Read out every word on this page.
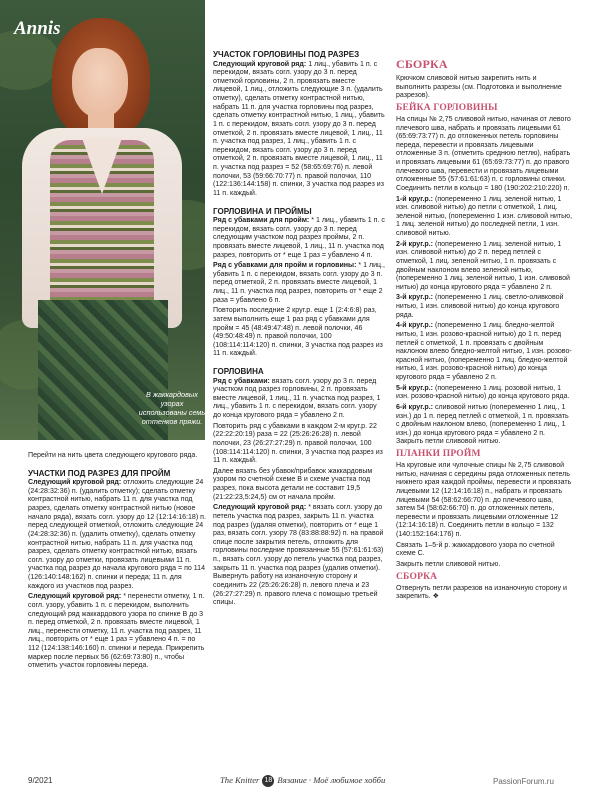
Annis
В жаккардовых узорах использованы семь оттенков пряжи.

Перейти на нить цвета следующего кругового ряда.

УЧАСТКИ ПОД РАЗРЕЗ ДЛЯ ПРОЙМ

Следующий круговой ряд: отложить следующие 24 (24:28:32:36) п. (удалить отметку); сделать отметку контрастной нитью, набрать 11 п. для участка под разрез, сделать отметку контрастной нитью (новое начало ряда), вязать согл. узору до 12 (12:14:16:18) п. перед следующей отметкой, отложить следующие 24 (24:28:32:36) п. (удалить отметку), сделать отметку контрастной нитью, набрать 11 п. для участка под разрез, сделать отметку контрастной нитью, вязать согл. узору до отметки, провязать лицевыми 11 п. участка под разрез до начала кругового ряда = по 114 (126:140:148:162) п. спинки и переда; 11 п. для каждого из участков под разрез.

Следующий круговой ряд: * перенести отметку, 1 п. согл. узору, убавить 1 п. с перекидом, выполнить следующий ряд жаккардового узора по спинке В до 3 п. перед отметкой, 2 п. провязать вместе лицевой, 1 лиц., перенести отметку, 11 п. участка под разрез, 11 лиц., повторить от * еще 1 раз = убавлено 4 п. = по 112 (124:138:146:160) п. спинки и переда. Прикрепить маркер после первых 56 (62:69:73:80) п., чтобы отметить участок горловины переда.

УЧАСТОК ГОРЛОВИНЫ ПОД РАЗРЕЗ

Следующий круговой ряд: 1 лиц., убавить 1 п. с перекидом, вязать согл. узору до 3 п. перед отметкой горловины, 2 п. провязать вместе лицевой, 1 лиц., отложить следующие 3 п. (удалить отметку), сделать отметку контрастной нитью, набрать 11 п. для участка горловины под разрез, сделать отметку контрастной нитью, 1 лиц., убавить 1 п. с перекидом, вязать согл. узору до 3 п. перед отметкой, 2 п. провязать вместе лицевой, 1 лиц., 11 п. участка под разрез, 1 лиц., убавить 1 п. с перекидом, вязать согл. узору до 3 п. перед отметкой, 2 п. провязать вместе лицевой, 1 лиц., 11 п. участка под разрез = 52 (58:65:69:76) п. левой полочки, 53 (59:66:70:77) п. правой полочки, 110 (122:136:144:158) п. спинки, 3 участка под разрез из 11 п. каждый.

ГОРЛОВИНА И ПРОЙМЫ

Ряд с убавками для пройм: * 1 лиц., убавить 1 п. с перекидом, вязать согл. узору до 3 п. перед следующим участком под разрез проймы, 2 п. провязать вместе лицевой, 1 лиц., 11 п. участка под разрез, повторить от * еще 1 раз = убавлено 4 п.

Ряд с убавками для пройм и горловины: * 1 лиц., убавить 1 п. с перекидом, вязать согл. узору до 3 п. перед отметкой, 2 п. провязать вместе лицевой, 1 лиц., 11 п. участка под разрез, повторить от * еще 2 раза = убавлено 6 п.

Повторить последние 2 круг.р. еще 1 (2:4:6:8) раз, затем выполнить еще 1 раз ряд с убавками для пройм = 45 (48:49:47:48) п. левой полочки, 46 (49:50:48:49) п. правой полочки, 100 (108:114:114:120) п. спинки, 3 участка под разрез из 11 п. каждый.

ГОРЛОВИНА

Ряд с убавками: вязать согл. узору до 3 п. перед участком под разрез горловины, 2 п. провязать вместе лицевой, 1 лиц., 11 п. участка под разрез, 1 лиц., убавить 1 п. с перекидом, вязать согл. узору до конца кругового ряда = убавлено 2 п.

Повторить ряд с убавками в каждом 2-м круг.р. 22 (22:22:20:19) раза = 22 (25:26:26:28) п. левой полочки, 23 (26:27:27:29) п. правой полочки, 100 (108:114:114:120) п. спинки, 3 участка под разрез из 11 п. каждый.

Далее вязать без убавок/прибавок жаккардовым узором по счетной схеме В и схеме участка под разрез, пока высота детали не составит 19,5 (21:22:23,5:24,5) см от начала пройм.

Следующий круговой ряд: * вязать согл. узору до петель участка под разрез, закрыть 11 п. участка под разрез (удаляя отметки), повторить от * еще 1 раз, вязать согл. узору 78 (83:88:88:92) п. на правой спице после закрытия петель, отложить для горловины последние провязанные 55 (57:61:61:63) п., вязать согл. узору до петель участка под разрез, закрыть 11 п. участка под разрез (удалив отметки). Вывернуть работу на изнаночную сторону и соединить 22 (25:26:26:28) п. левого плеча и 23 (26:27:27:29) п. правого плеча с помощью третьей спицы.

СБОРКА

Крючком сливовой нитью закрепить нить и выполнить разрезы (см. Подготовка и выполнение разрезов).

БЕЙКА ГОРЛОВИНЫ

На спицы № 2,75 сливовой нитью, начиная от левого плечевого шва, набрать и провязать лицевыми 61 (65:69:73:77) п. до отложенных петель горловины переда, перевести и провязать лицевыми отложенные 3 п. (отметить среднюю петлю), набрать и провязать лицевыми 61 (65:69:73:77) п. до правого плечевого шва, перевести и провязать лицевыми отложенные 55 (57:61:61:63) п. с горловины спинки. Соединить петли в кольцо = 180 (190:202:210:220) п.

1-й круг.р.: (попеременно 1 лиц. зеленой нитью, 1 изн. сливовой нитью) до петли с отметкой, 1 лиц. зеленой нитью, (попеременно 1 изн. сливовой нитью, 1 лиц. зеленой нитью) до последней петли, 1 изн. сливовой нитью.

2-й круг.р.: (попеременно 1 лиц. зеленой нитью, 1 изн. сливовой нитью) до 2 п. перед петлей с отметкой, 1 лиц. зеленой нитью, 1 п. провязать с двойным наклоном влево зеленой нитью, (попеременно 1 лиц. зеленой нитью, 1 изн. сливовой нитью) до конца кругового ряда = убавлено 2 п.

3-й круг.р.: (попеременно 1 лиц. светло-оливковой нитью, 1 изн. сливовой нитью) до конца кругового ряда.

4-й круг.р.: (попеременно 1 лиц. бледно-желтой нитью, 1 изн. розово-красной нитью) до 1 п. перед петлей с отметкой, 1 п. провязать с двойным наклоном влево бледно-желтой нитью, 1 изн. розово-красной нитью, (попеременно 1 лиц. бледно-желтой нитью, 1 изн. розово-красной нитью) до конца кругового ряда = убавлено 2 п.

5-й круг.р.: (попеременно 1 лиц. розовой нитью, 1 изн. розово-красной нитью) до конца кругового ряда.

6-й круг.р.: сливовой нитью (попеременно 1 лиц., 1 изн.) до 1 п. перед петлей с отметкой, 1 п. провязать с двойным наклоном влево, (попеременно 1 лиц., 1 изн.) до конца кругового ряда = убавлено 2 п. Закрыть петли сливовой нитью.

ПЛАНКИ ПРОЙМ

На круговые или чулочные спицы № 2,75 сливовой нитью, начиная с середины ряда отложенных петель нижнего края каждой проймы, перевести и провязать лицевыми 12 (12:14:16:18) п., набрать и провязать лицевыми 54 (58:62:66:70) п. до плечевого шва, затем 54 (58:62:66:70) п. до отложенных петель, перевести и провязать лицевыми отложенные 12 (12:14:16:18) п. Соединить петли в кольцо = 132 (140:152:164:176) п.

Связать 1–5-й р. жаккардового узора по счетной схеме С.

Закрыть петли сливовой нитью.

СБОРКА

Отвернуть петли разрезов на изнаночную сторону и закрепить. ❖

9/2021	The Knitter 18 Вязание · Моё любимое хобби	PassionForum.ru
